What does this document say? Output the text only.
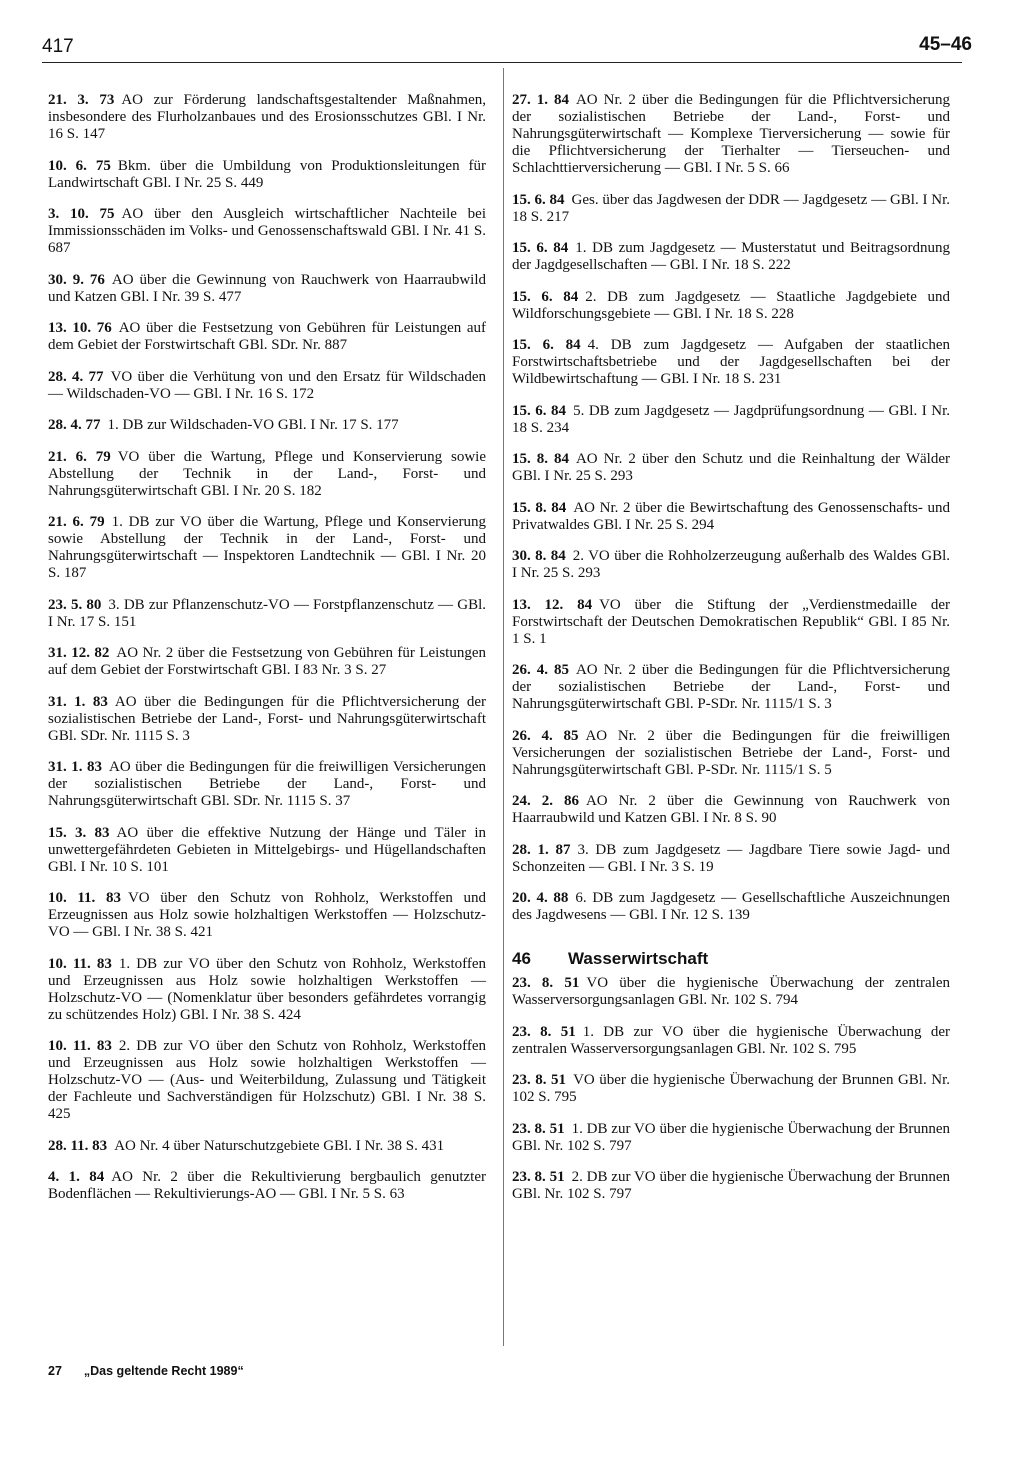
417	45–46
21. 3. 73 AO zur Förderung landschaftsgestaltender Maßnahmen, insbesondere des Flurholzanbaues und des Erosionsschutzes GBl. I Nr. 16 S. 147
10. 6. 75 Bkm. über die Umbildung von Produktionsleitungen für Landwirtschaft GBl. I Nr. 25 S. 449
3. 10. 75 AO über den Ausgleich wirtschaftlicher Nachteile bei Immissionsschäden im Volks- und Genossenschaftswald GBl. I Nr. 41 S. 687
30. 9. 76 AO über die Gewinnung von Rauchwerk von Haarraubwild und Katzen GBl. I Nr. 39 S. 477
13. 10. 76 AO über die Festsetzung von Gebühren für Leistungen auf dem Gebiet der Forstwirtschaft GBl. SDr. Nr. 887
28. 4. 77 VO über die Verhütung von und den Ersatz für Wildschaden — Wildschaden-VO — GBl. I Nr. 16 S. 172
28. 4. 77 1. DB zur Wildschaden-VO GBl. I Nr. 17 S. 177
21. 6. 79 VO über die Wartung, Pflege und Konservierung sowie Abstellung der Technik in der Land-, Forst- und Nahrungsgüterwirtschaft GBl. I Nr. 20 S. 182
21. 6. 79 1. DB zur VO über die Wartung, Pflege und Konservierung sowie Abstellung der Technik in der Land-, Forst- und Nahrungsgüterwirtschaft — Inspektoren Landtechnik — GBl. I Nr. 20 S. 187
23. 5. 80 3. DB zur Pflanzenschutz-VO — Forstpflanzenschutz — GBl. I Nr. 17 S. 151
31. 12. 82 AO Nr. 2 über die Festsetzung von Gebühren für Leistungen auf dem Gebiet der Forstwirtschaft GBl. I 83 Nr. 3 S. 27
31. 1. 83 AO über die Bedingungen für die Pflichtversicherung der sozialistischen Betriebe der Land-, Forst- und Nahrungsgüterwirtschaft GBl. SDr. Nr. 1115 S. 3
31. 1. 83 AO über die Bedingungen für die freiwilligen Versicherungen der sozialistischen Betriebe der Land-, Forst- und Nahrungsgüterwirtschaft GBl. SDr. Nr. 1115 S. 37
15. 3. 83 AO über die effektive Nutzung der Hänge und Täler in unwettergefährdeten Gebieten in Mittelgebirgs- und Hügellandschaften GBl. I Nr. 10 S. 101
10. 11. 83 VO über den Schutz von Rohholz, Werkstoffen und Erzeugnissen aus Holz sowie holzhaltigen Werkstoffen — Holzschutz-VO — GBl. I Nr. 38 S. 421
10. 11. 83 1. DB zur VO über den Schutz von Rohholz, Werkstoffen und Erzeugnissen aus Holz sowie holzhaltigen Werkstoffen — Holzschutz-VO — (Nomenklatur über besonders gefährdetes vorrangig zu schützendes Holz) GBl. I Nr. 38 S. 424
10. 11. 83 2. DB zur VO über den Schutz von Rohholz, Werkstoffen und Erzeugnissen aus Holz sowie holzhaltigen Werkstoffen — Holzschutz-VO — (Aus- und Weiterbildung, Zulassung und Tätigkeit der Fachleute und Sachverständigen für Holzschutz) GBl. I Nr. 38 S. 425
28. 11. 83 AO Nr. 4 über Naturschutzgebiete GBl. I Nr. 38 S. 431
4. 1. 84 AO Nr. 2 über die Rekultivierung bergbaulich genutzter Bodenflächen — Rekultivierungs-AO — GBl. I Nr. 5 S. 63
27. 1. 84 AO Nr. 2 über die Bedingungen für die Pflichtversicherung der sozialistischen Betriebe der Land-, Forst- und Nahrungsgüterwirtschaft — Komplexe Tierversicherung — sowie für die Pflichtversicherung der Tierhalter — Tierseuchen- und Schlachttierversicherung — GBl. I Nr. 5 S. 66
15. 6. 84 Ges. über das Jagdwesen der DDR — Jagdgesetz — GBl. I Nr. 18 S. 217
15. 6. 84 1. DB zum Jagdgesetz — Musterstatut und Beitragsordnung der Jagdgesellschaften — GBl. I Nr. 18 S. 222
15. 6. 84 2. DB zum Jagdgesetz — Staatliche Jagdgebiete und Wildforschungsgebiete — GBl. I Nr. 18 S. 228
15. 6. 84 4. DB zum Jagdgesetz — Aufgaben der staatlichen Forstwirtschaftsbetriebe und der Jagdgesellschaften bei der Wildbewirtschaftung — GBl. I Nr. 18 S. 231
15. 6. 84 5. DB zum Jagdgesetz — Jagdprüfungsordnung — GBl. I Nr. 18 S. 234
15. 8. 84 AO Nr. 2 über den Schutz und die Reinhaltung der Wälder GBl. I Nr. 25 S. 293
15. 8. 84 AO Nr. 2 über die Bewirtschaftung des Genossenschafts- und Privatwaldes GBl. I Nr. 25 S. 294
30. 8. 84 2. VO über die Rohholzerzeugung außerhalb des Waldes GBl. I Nr. 25 S. 293
13. 12. 84 VO über die Stiftung der „Verdienstmedaille der Forstwirtschaft der Deutschen Demokratischen Republik“ GBl. I 85 Nr. 1 S. 1
26. 4. 85 AO Nr. 2 über die Bedingungen für die Pflichtversicherung der sozialistischen Betriebe der Land-, Forst- und Nahrungsgüterwirtschaft GBl. P-SDr. Nr. 1115/1 S. 3
26. 4. 85 AO Nr. 2 über die Bedingungen für die freiwilligen Versicherungen der sozialistischen Betriebe der Land-, Forst- und Nahrungsgüterwirtschaft GBl. P-SDr. Nr. 1115/1 S. 5
24. 2. 86 AO Nr. 2 über die Gewinnung von Rauchwerk von Haarraubwild und Katzen GBl. I Nr. 8 S. 90
28. 1. 87 3. DB zum Jagdgesetz — Jagdbare Tiere sowie Jagd- und Schonzeiten — GBl. I Nr. 3 S. 19
20. 4. 88 6. DB zum Jagdgesetz — Gesellschaftliche Auszeichnungen des Jagdwesens — GBl. I Nr. 12 S. 139
46 Wasserwirtschaft
23. 8. 51 VO über die hygienische Überwachung der zentralen Wasserversorgungsanlagen GBl. Nr. 102 S. 794
23. 8. 51 1. DB zur VO über die hygienische Überwachung der zentralen Wasserversorgungsanlagen GBl. Nr. 102 S. 795
23. 8. 51 VO über die hygienische Überwachung der Brunnen GBl. Nr. 102 S. 795
23. 8. 51 1. DB zur VO über die hygienische Überwachung der Brunnen GBl. Nr. 102 S. 797
23. 8. 51 2. DB zur VO über die hygienische Überwachung der Brunnen GBl. Nr. 102 S. 797
27 „Das geltende Recht 1989“
